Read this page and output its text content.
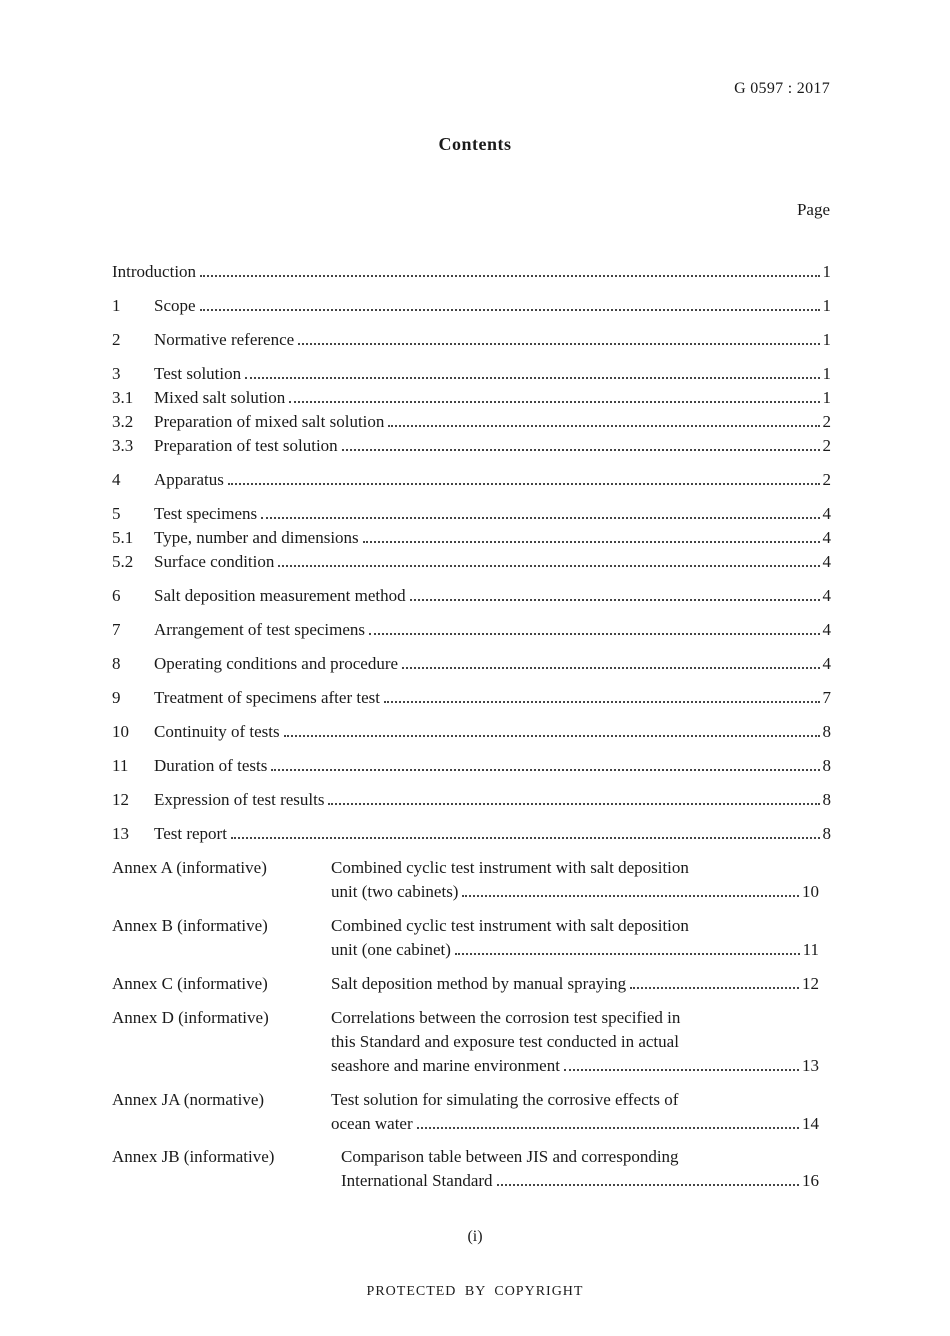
G 0597 : 2017
Contents
Page
Introduction	1
1	Scope	1
2	Normative reference	1
3	Test solution	1
3.1	Mixed salt solution	1
3.2	Preparation of mixed salt solution	2
3.3	Preparation of test solution	2
4	Apparatus	2
5	Test specimens	4
5.1	Type, number and dimensions	4
5.2	Surface condition	4
6	Salt deposition measurement method	4
7	Arrangement of test specimens	4
8	Operating conditions and procedure	4
9	Treatment of specimens after test	7
10	Continuity of tests	8
11	Duration of tests	8
12	Expression of test results	8
13	Test report	8
Annex A (informative)	Combined cyclic test instrument with salt deposition
unit (two cabinets)	10
Annex B (informative)	Combined cyclic test instrument with salt deposition
unit (one cabinet)	11
Annex C (informative)	Salt deposition method by manual spraying	12
Annex D (informative)	Correlations between the corrosion test specified in
this Standard and exposure test conducted in actual
seashore and marine environment	13
Annex JA (normative)	Test solution for simulating the corrosive effects of
ocean water	14
Annex JB (informative)	Comparison table between JIS and corresponding
International Standard	16
(i)
PROTECTED BY COPYRIGHT
